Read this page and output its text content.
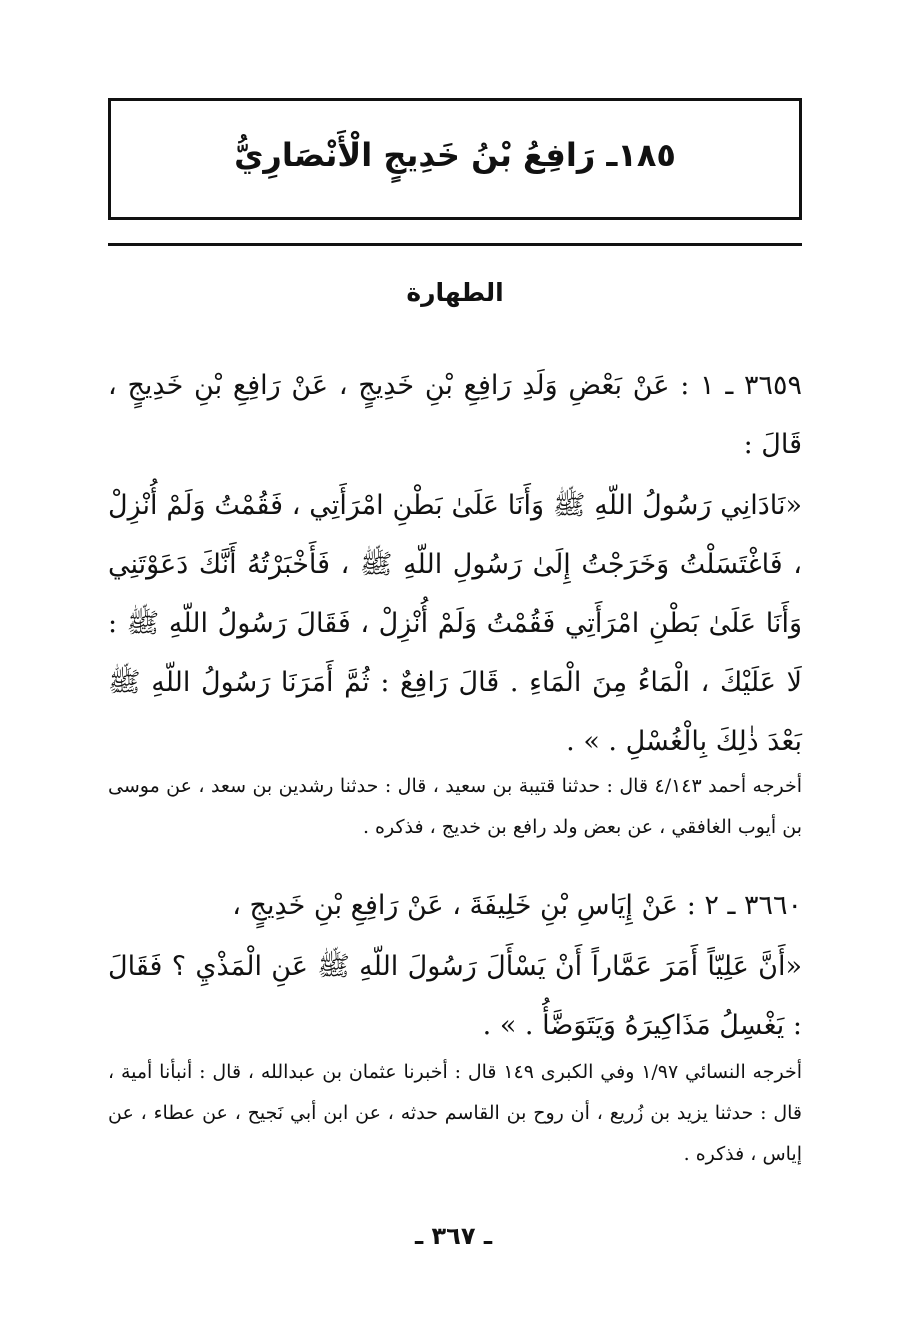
١٨٥ـ رَافِعُ بْنُ خَدِيجٍ الْأَنْصَارِيُّ
الطهارة

٣٦٥٩ ـ ١ : عَنْ بَعْضِ وَلَدِ رَافِعِ بْنِ خَدِيجٍ ، عَنْ رَافِعِ بْنِ خَدِيجٍ ، قَالَ :

«نَادَانِي رَسُولُ اللّهِ ﷺ وَأَنَا عَلَىٰ بَطْنِ امْرَأَتِي ، فَقُمْتُ وَلَمْ أُنْزِلْ ، فَاغْتَسَلْتُ وَخَرَجْتُ إِلَىٰ رَسُولِ اللّهِ ﷺ ، فَأَخْبَرْتُهُ أَنَّكَ دَعَوْتَنِي وَأَنَا عَلَىٰ بَطْنِ امْرَأَتِي فَقُمْتُ وَلَمْ أُنْزِلْ ، فَقَالَ رَسُولُ اللّهِ ﷺ : لَا عَلَيْكَ ، الْمَاءُ مِنَ الْمَاءِ . قَالَ رَافِعٌ : ثُمَّ أَمَرَنَا رَسُولُ اللّهِ ﷺ بَعْدَ ذٰلِكَ بِالْغُسْلِ . » .

أخرجه أحمد ٤/١٤٣ قال : حدثنا قتيبة بن سعيد ، قال : حدثنا رشدين بن سعد ، عن موسى بن أيوب الغافقي ، عن بعض ولد رافع بن خديج ، فذكره .

٣٦٦٠ ـ ٢ : عَنْ إِيَاسِ بْنِ خَلِيفَةَ ، عَنْ رَافِعِ بْنِ خَدِيجٍ ،

«أَنَّ عَلِيّاً أَمَرَ عَمَّاراً أَنْ يَسْأَلَ رَسُولَ اللّهِ ﷺ عَنِ الْمَذْيِ ؟ فَقَالَ : يَغْسِلُ مَذَاكِيرَهُ وَيَتَوَضَّأُ . » .

أخرجه النسائي ١/٩٧ وفي الكبرى ١٤٩ قال : أخبرنا عثمان بن عبدالله ، قال : أنبأنا أمية ، قال : حدثنا يزيد بن زُريع ، أن روح بن القاسم حدثه ، عن ابن أبي نَجيح ، عن عطاء ، عن إياس ، فذكره .

ـ ٣٦٧ ـ
